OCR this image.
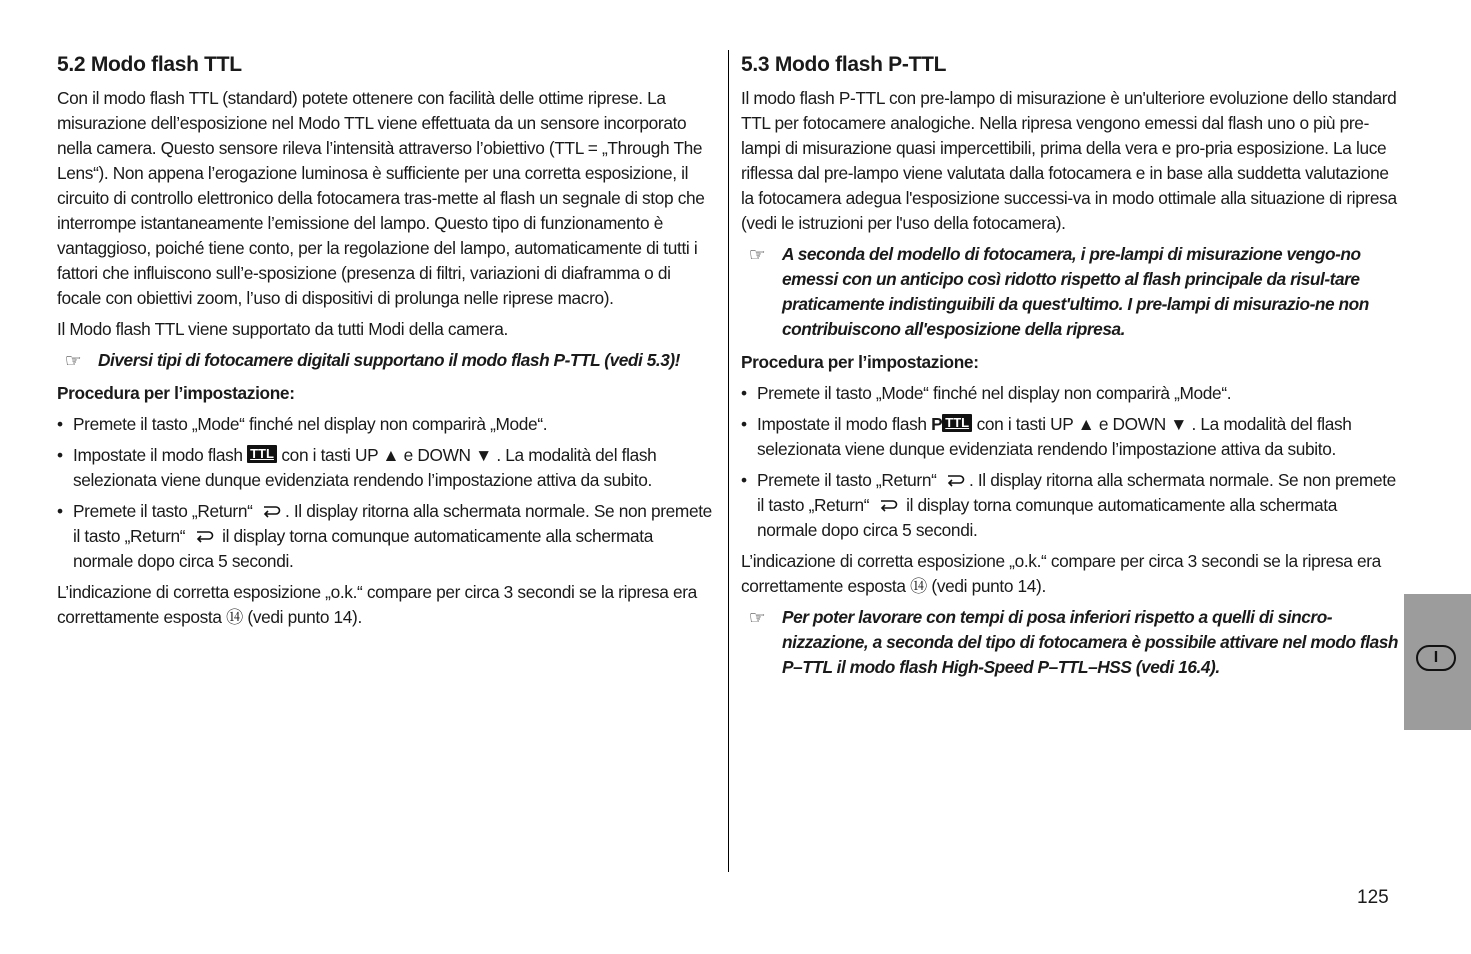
5.2 Modo flash TTL

Con il modo flash TTL (standard) potete ottenere con facilità delle ottime riprese. La misurazione dell’esposizione nel Modo TTL viene effettuata da un sensore incorporato nella camera. Questo sensore rileva l’intensità attraverso l’obiettivo (TTL = „Through The Lens“). Non appena l’erogazione luminosa è sufficiente per una corretta esposizione, il circuito di controllo elettronico della fotocamera tras-mette al flash un segnale di stop che interrompe istantaneamente l’emissione del lampo. Questo tipo di funzionamento è vantaggioso, poiché tiene conto, per la regolazione del lampo, automaticamente di tutti i fattori che influiscono sull’e-sposizione (presenza di filtri, variazioni di diaframma o di focale con obiettivi zoom, l’uso di dispositivi di prolunga nelle riprese macro).

Il Modo flash TTL viene supportato da tutti Modi della camera.

☞ Diversi tipi di fotocamere digitali supportano il modo flash P-TTL (vedi 5.3)!
Procedura per l’impostazione:
• Premete il tasto „Mode“ finché nel display non comparirà „Mode“.
• Impostate il modo flash TTL con i tasti UP ▲ e DOWN ▼ . La modalità del flash selezionata viene dunque evidenziata rendendo l’impostazione attiva da subito.
• Premete il tasto „Return“ . Il display ritorna alla schermata normale. Se non premete il tasto „Return“ il display torna comunque automaticamente alla schermata normale dopo circa 5 secondi.

L’indicazione di corretta esposizione „o.k.“ compare per circa 3 secondi se la ripresa era correttamente esposta ⑭ (vedi punto 14).

5.3 Modo flash P-TTL

Il modo flash P-TTL con pre-lampo di misurazione è un'ulteriore evoluzione dello standard TTL per fotocamere analogiche. Nella ripresa vengono emessi dal flash uno o più pre-lampi di misurazione quasi impercettibili, prima della vera e pro-pria esposizione. La luce riflessa dal pre-lampo viene valutata dalla fotocamera e in base alla suddetta valutazione la fotocamera adegua l'esposizione successi-va in modo ottimale alla situazione di ripresa (vedi le istruzioni per l'uso della fotocamera).

☞ A seconda del modello di fotocamera, i pre-lampi di misurazione vengo-no emessi con un anticipo così ridotto rispetto al flash principale da risul-tare praticamente indistinguibili da quest'ultimo. I pre-lampi di misurazio-ne non contribuiscono all'esposizione della ripresa.
Procedura per l’impostazione:
• Premete il tasto „Mode“ finché nel display non comparirà „Mode“.
• Impostate il modo flash P TTL con i tasti UP ▲ e DOWN ▼ . La modalità del flash selezionata viene dunque evidenziata rendendo l’impostazione attiva da subito.
• Premete il tasto „Return“ . Il display ritorna alla schermata normale. Se non premete il tasto „Return“ il display torna comunque automaticamente alla schermata normale dopo circa 5 secondi.

L’indicazione di corretta esposizione „o.k.“ compare per circa 3 secondi se la ripresa era correttamente esposta ⑭ (vedi punto 14).

☞ Per poter lavorare con tempi di posa inferiori rispetto a quelli di sincro-nizzazione, a seconda del tipo di fotocamera è possibile attivare nel modo flash P–TTL il modo flash High-Speed P–TTL–HSS (vedi 16.4).	I
125
